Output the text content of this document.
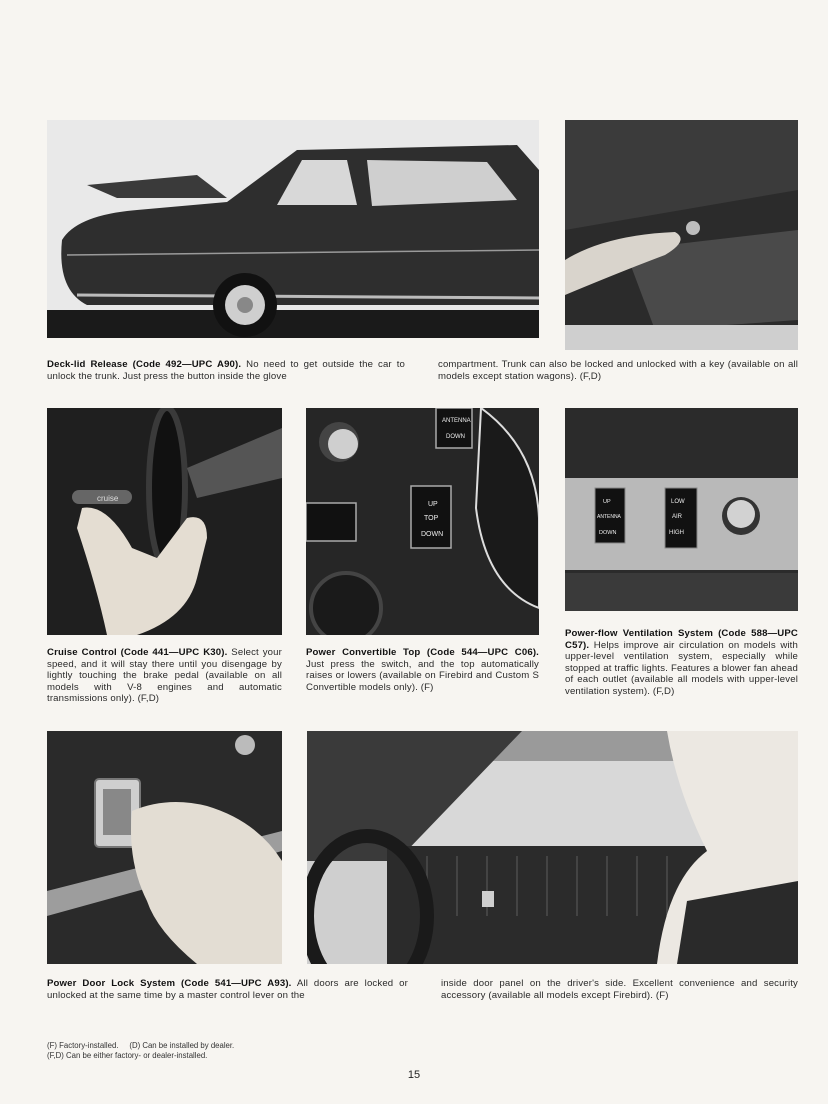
Deck-lid Release (Code 492—UPC A90). No need to get outside the car to unlock the trunk. Just press the button inside the glove
compartment. Trunk can also be locked and unlocked with a key (available on all models except station wagons). (F,D)
cruise
ANTENNA
DOWN
UP
TOP
DOWN
UP
ANTENNA
DOWN
LOW
AIR
HIGH
Cruise Control (Code 441—UPC K30). Select your speed, and it will stay there until you disengage by lightly touching the brake pedal (available on all models with V-8 engines and automatic transmissions only). (F,D)
Power Convertible Top (Code 544—UPC C06). Just press the switch, and the top automatically raises or lowers (available on Firebird and Custom S Convertible models only). (F)
Power-flow Ventilation System (Code 588—UPC C57). Helps improve air circulation on models with upper-level ventilation system, especially while stopped at traffic lights. Features a blower fan ahead of each outlet (available all models with upper-level ventilation system). (F,D)
Power Door Lock System (Code 541—UPC A93). All doors are locked or unlocked at the same time by a master control lever on the
inside door panel on the driver's side. Excellent convenience and security accessory (available all models except Firebird). (F)
(F) Factory-installed. (D) Can be installed by dealer.
(F,D) Can be either factory- or dealer-installed.
15
